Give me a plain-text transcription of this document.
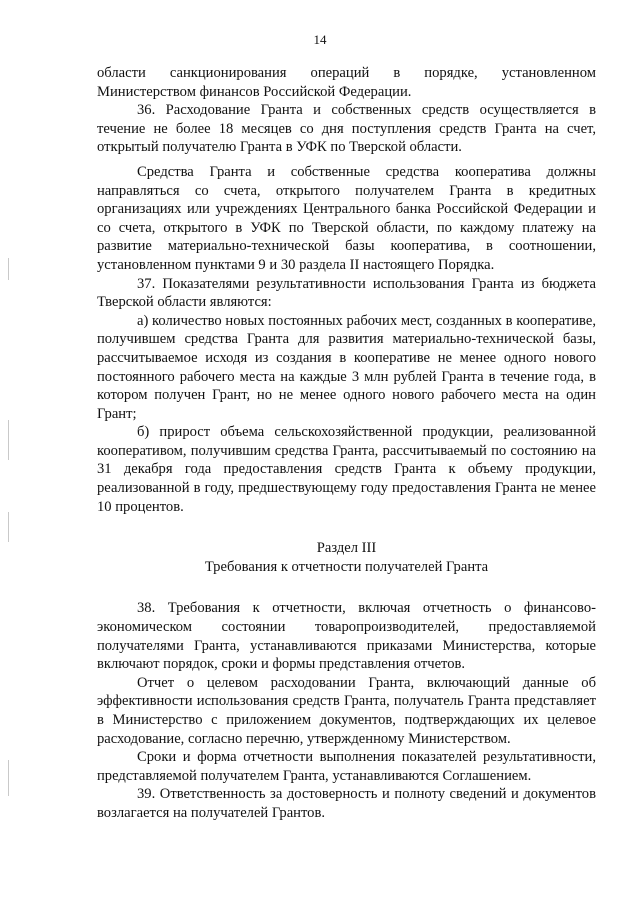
14

области санкционирования операций в порядке, установленном Министерством финансов Российской Федерации.

36. Расходование Гранта и собственных средств осуществляется в течение не более 18 месяцев со дня поступления средств Гранта на счет, открытый получателю Гранта в УФК по Тверской области.

Средства Гранта и собственные средства кооператива должны направляться со счета, открытого получателем Гранта в кредитных организациях или учреждениях Центрального банка Российской Федерации и со счета, открытого в УФК по Тверской области, по каждому платежу на развитие материально-технической базы кооператива, в соотношении, установленном пунктами 9 и 30 раздела II настоящего Порядка.

37. Показателями результативности использования Гранта из бюджета Тверской области являются:

а) количество новых постоянных рабочих мест, созданных в кооперативе, получившем средства Гранта для развития материально-технической базы, рассчитываемое исходя из создания в кооперативе не менее одного нового постоянного рабочего места на каждые 3 млн рублей Гранта в течение года, в котором получен Грант, но не менее одного нового рабочего места на один Грант;

б) прирост объема сельскохозяйственной продукции, реализованной кооперативом, получившим средства Гранта, рассчитываемый по состоянию на 31 декабря года предоставления средств Гранта к объему продукции, реализованной в году, предшествующему году предоставления Гранта не менее 10 процентов.

Раздел III

Требования к отчетности получателей Гранта

38. Требования к отчетности, включая отчетность о финансово-экономическом состоянии товаропроизводителей, предоставляемой получателями Гранта, устанавливаются приказами Министерства, которые включают порядок, сроки и формы представления отчетов.

Отчет о целевом расходовании Гранта, включающий данные об эффективности использования средств Гранта, получатель Гранта представляет в Министерство с приложением документов, подтверждающих их целевое расходование, согласно перечню, утвержденному Министерством.

Сроки и форма отчетности выполнения показателей результативности, представляемой получателем Гранта, устанавливаются Соглашением.

39. Ответственность за достоверность и полноту сведений и документов возлагается на получателей Грантов.
